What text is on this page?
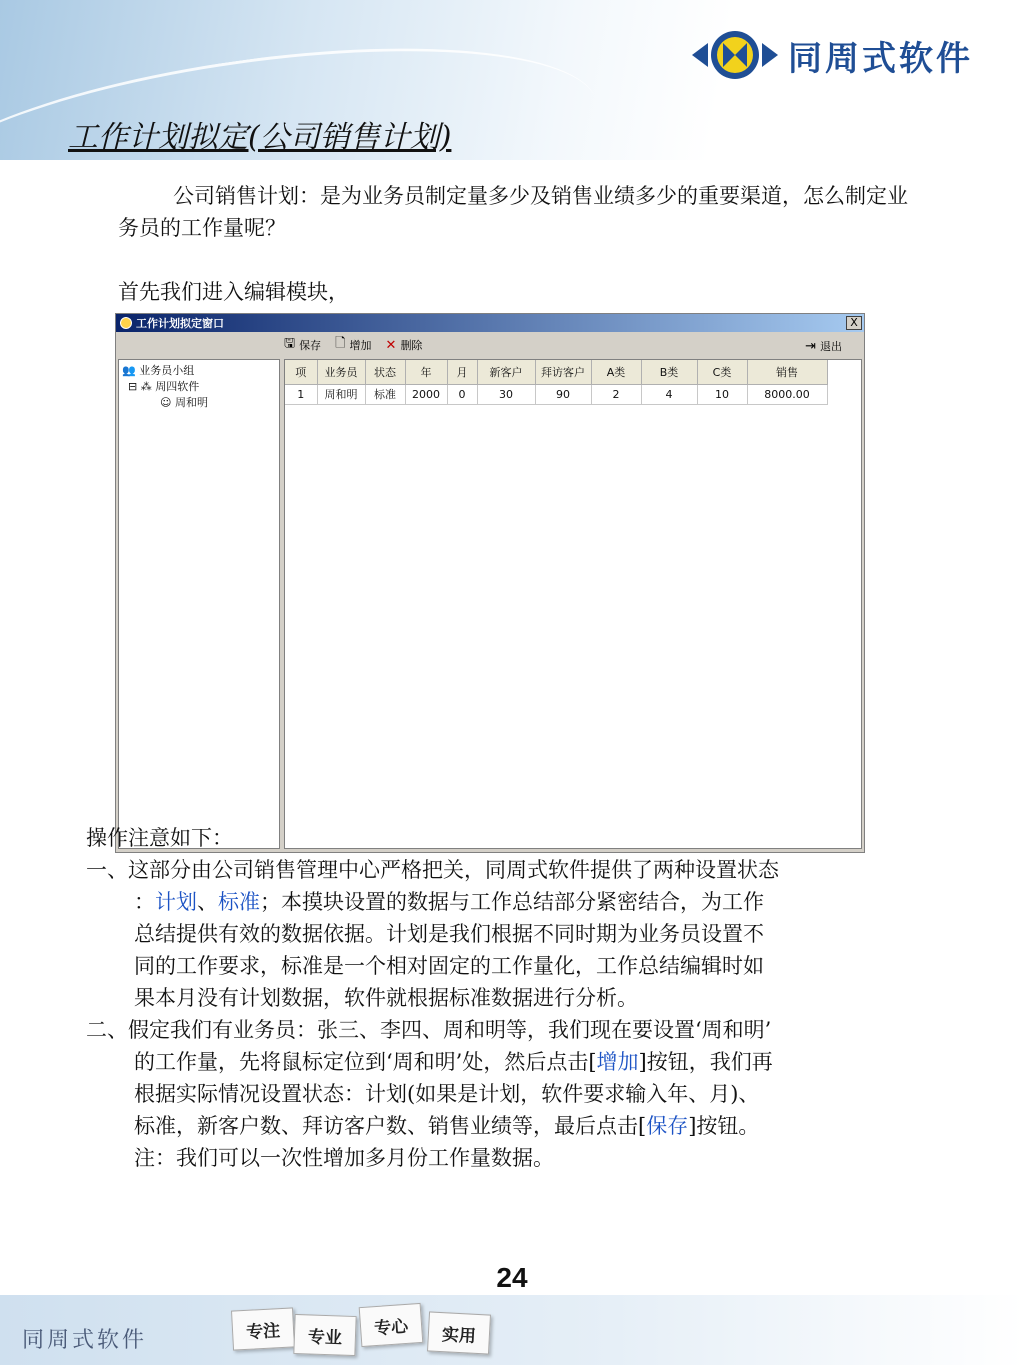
同周式软件
工作计划拟定(公司销售计划)
公司销售计划：是为业务员制定量多少及销售业绩多少的重要渠道，怎么制定业务员的工作量呢？
首先我们进入编辑模块，
工作计划拟定窗口	X
🖫 保存 🗋 增加 ✕ 删除	⇥ 退出
👥 业务员小组
⊟ ⁂ 周四软件
☺ 周和明
项	业务员	状态	年	月	新客户	拜访客户	A类	B类	C类	销售
1	周和明	标准	2000	0	30	90	2	4	10	8000.00
操作注意如下：
一、这部分由公司销售管理中心严格把关，同周式软件提供了两种设置状态
：计划、标准；本摸块设置的数据与工作总结部分紧密结合，为工作
总结提供有效的数据依据。计划是我们根据不同时期为业务员设置不
同的工作要求，标准是一个相对固定的工作量化，工作总结编辑时如
果本月没有计划数据，软件就根据标准数据进行分析。
二、假定我们有业务员：张三、李四、周和明等，我们现在要设置‘周和明’
的工作量，先将鼠标定位到‘周和明’处，然后点击[增加]按钮，我们再
根据实际情况设置状态：计划(如果是计划，软件要求输入年、月)、
标准，新客户数、拜访客户数、销售业绩等，最后点击[保存]按钮。
注：我们可以一次性增加多月份工作量数据。
24
同周式软件	专注	专业	专心	实用
